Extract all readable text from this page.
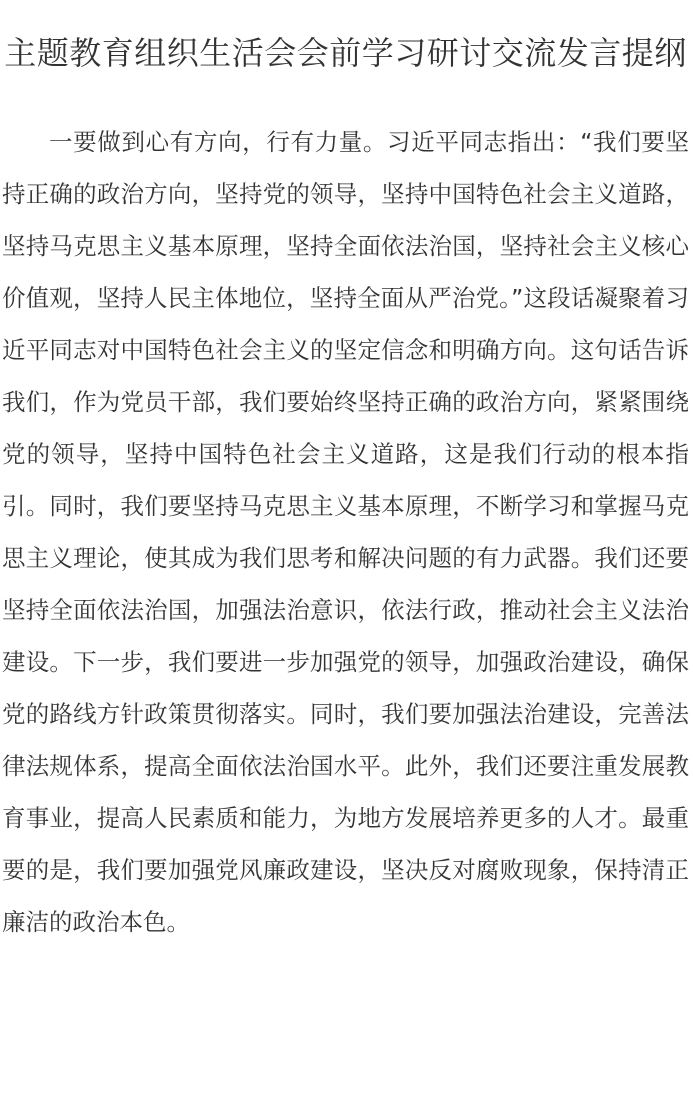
主题教育组织生活会会前学习研讨交流发言提纲

一要做到心有方向，行有力量。习近平同志指出：“我们要坚持正确的政治方向，坚持党的领导，坚持中国特色社会主义道路，坚持马克思主义基本原理，坚持全面依法治国，坚持社会主义核心价值观，坚持人民主体地位，坚持全面从严治党。”这段话凝聚着习近平同志对中国特色社会主义的坚定信念和明确方向。这句话告诉我们，作为党员干部，我们要始终坚持正确的政治方向，紧紧围绕党的领导，坚持中国特色社会主义道路，这是我们行动的根本指引。同时，我们要坚持马克思主义基本原理，不断学习和掌握马克思主义理论，使其成为我们思考和解决问题的有力武器。我们还要坚持全面依法治国，加强法治意识，依法行政，推动社会主义法治建设。下一步，我们要进一步加强党的领导，加强政治建设，确保党的路线方针政策贯彻落实。同时，我们要加强法治建设，完善法律法规体系，提高全面依法治国水平。此外，我们还要注重发展教育事业，提高人民素质和能力，为地方发展培养更多的人才。最重要的是，我们要加强党风廉政建设，坚决反对腐败现象，保持清正廉洁的政治本色。
